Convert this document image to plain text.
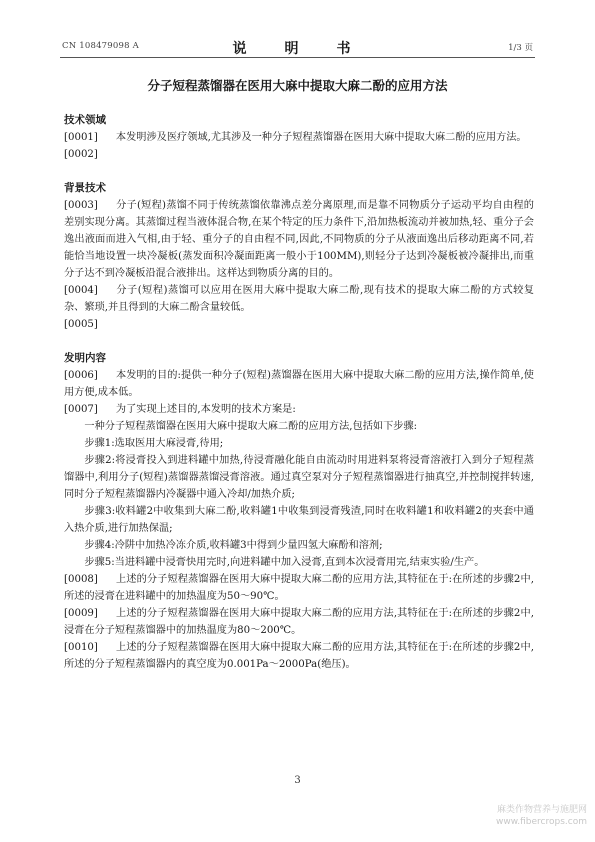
CN 108479098 A	说　明　书	1/3 页
分子短程蒸馏器在医用大麻中提取大麻二酚的应用方法

技术领域

[0001] 本发明涉及医疗领域,尤其涉及一种分子短程蒸馏器在医用大麻中提取大麻二酚的应用方法。

[0002]

背景技术

[0003] 分子(短程)蒸馏不同于传统蒸馏依靠沸点差分离原理,而是靠不同物质分子运动平均自由程的差别实现分离。其蒸馏过程当液体混合物,在某个特定的压力条件下,沿加热板流动并被加热,轻、重分子会逸出液面而进入气相,由于轻、重分子的自由程不同,因此,不同物质的分子从液面逸出后移动距离不同,若能恰当地设置一块冷凝板(蒸发面积冷凝面距离一般小于100MM),则轻分子达到冷凝板被冷凝排出,而重分子达不到冷凝板沿混合液排出。这样达到物质分离的目的。

[0004] 分子(短程)蒸馏可以应用在医用大麻中提取大麻二酚,现有技术的提取大麻二酚的方式较复杂、繁琐,并且得到的大麻二酚含量较低。

[0005]

发明内容

[0006] 本发明的目的:提供一种分子(短程)蒸馏器在医用大麻中提取大麻二酚的应用方法,操作简单,使用方便,成本低。

[0007] 为了实现上述目的,本发明的技术方案是:

一种分子短程蒸馏器在医用大麻中提取大麻二酚的应用方法,包括如下步骤:

步骤1:选取医用大麻浸膏,待用;

步骤2:将浸膏投入到进料罐中加热,待浸膏融化能自由流动时用进料泵将浸膏溶液打入到分子短程蒸馏器中,利用分子(短程)蒸馏器蒸馏浸膏溶液。通过真空泵对分子短程蒸馏器进行抽真空,并控制搅拌转速,同时分子短程蒸馏器内冷凝器中通入冷却/加热介质;

步骤3:收料罐2中收集到大麻二酚,收料罐1中收集到浸膏残渣,同时在收料罐1和收料罐2的夹套中通入热介质,进行加热保温;

步骤4:冷阱中加热冷冻介质,收料罐3中得到少量四氢大麻酚和溶剂;

步骤5:当进料罐中浸膏快用完时,向进料罐中加入浸膏,直到本次浸膏用完,结束实验/生产。

[0008] 上述的分子短程蒸馏器在医用大麻中提取大麻二酚的应用方法,其特征在于:在所述的步骤2中,所述的浸膏在进料罐中的加热温度为50～90℃。

[0009] 上述的分子短程蒸馏器在医用大麻中提取大麻二酚的应用方法,其特征在于:在所述的步骤2中,浸膏在分子短程蒸馏器中的加热温度为80～200℃。

[0010] 上述的分子短程蒸馏器在医用大麻中提取大麻二酚的应用方法,其特征在于:在所述的步骤2中,所述的分子短程蒸馏器内的真空度为0.001Pa～2000Pa(绝压)。

3
麻类作物营养与施肥网
www.fibercrops.com
